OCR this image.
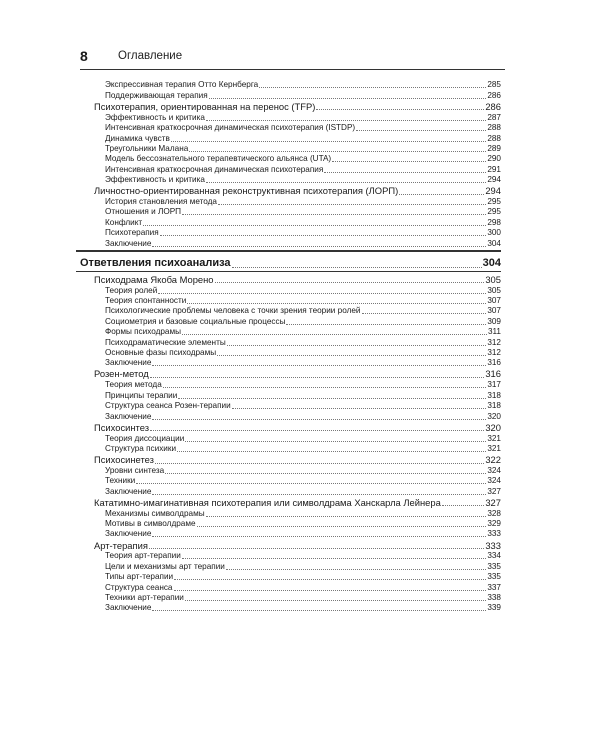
8	Оглавление
Экспрессивная терапия Отто Кернберга	285
Поддерживающая терапия	286
Психотерапия, ориентированная на перенос (TFP)	286
Эффективность и критика	287
Интенсивная краткосрочная динамическая психотерапия (ISTDP)	288
Динамика чувств	288
Треугольники Малана	289
Модель бессознательного терапевтического альянса (UTA)	290
Интенсивная краткосрочная динамическая психотерапия	291
Эффективность и критика	294
Личностно-ориентированная реконструктивная психотерапия (ЛОРП)	294
История становления метода	295
Отношения и ЛОРП	295
Конфликт	298
Психотерапия	300
Заключение	304
Ответвления психоанализа	304
Психодрама Якоба Морено	305
Теория ролей	305
Теория спонтанности	307
Психологические проблемы человека с точки зрения теории ролей	307
Социометрия и базовые социальные процессы	309
Формы психодрамы	311
Психодраматические элементы	312
Основные фазы психодрамы	312
Заключение	316
Розен-метод	316
Теория метода	317
Принципы терапии	318
Структура сеанса Розен-терапии	318
Заключение	320
Психосинтез	320
Теория диссоциации	321
Структура психики	321
Психосинетез	322
Уровни синтеза	324
Техники	324
Заключение	327
Кататимно-имагинативная психотерапия или символдрама Ханскарла Лейнера	327
Механизмы символдрамы	328
Мотивы в символдраме	329
Заключение	333
Арт-терапия	333
Теория арт-терапии	334
Цели и механизмы арт терапии	335
Типы арт-терапии	335
Структура сеанса	337
Техники арт-терапии	338
Заключение	339
